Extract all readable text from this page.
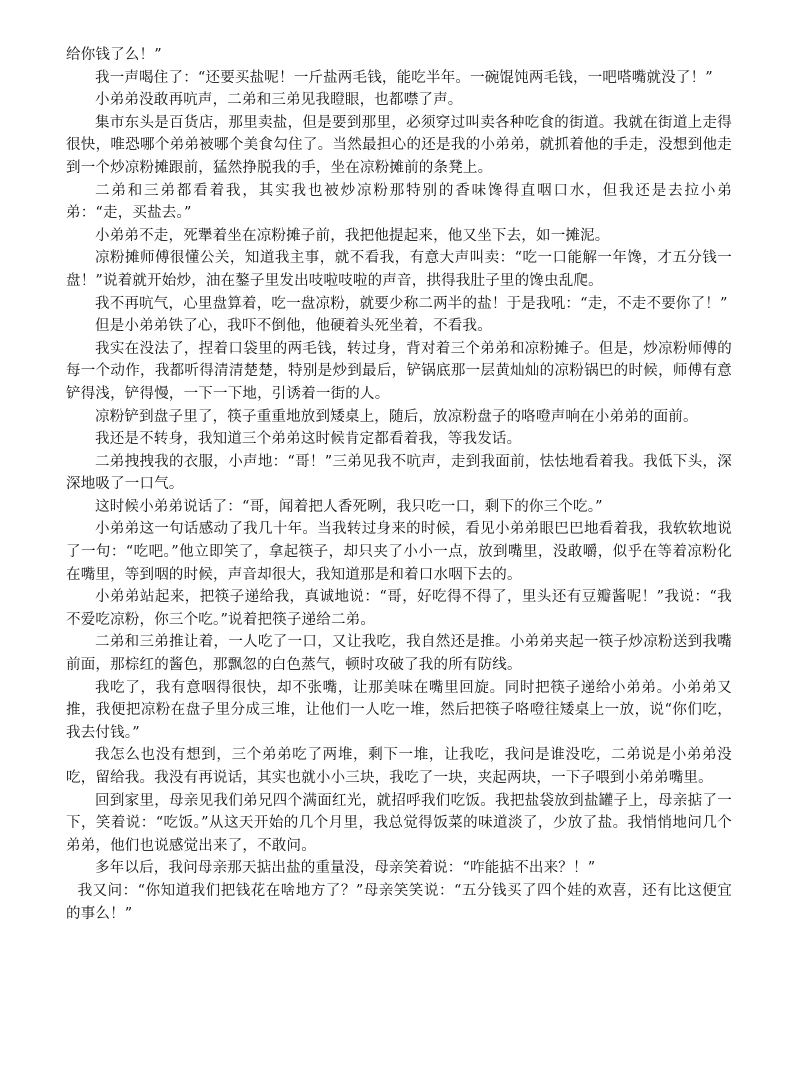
给你钱了么！”

我一声喝住了：“还要买盐呢！一斤盐两毛钱，能吃半年。一碗馄饨两毛钱，一吧嗒嘴就没了！”

小弟弟没敢再吭声，二弟和三弟见我瞪眼，也都噤了声。

集市东头是百货店，那里卖盐，但是要到那里，必须穿过叫卖各种吃食的街道。我就在街道上走得很快，唯恐哪个弟弟被哪个美食勾住了。当然最担心的还是我的小弟弟，就抓着他的手走，没想到他走到一个炒凉粉摊跟前，猛然挣脱我的手，坐在凉粉摊前的条凳上。

二弟和三弟都看着我，其实我也被炒凉粉那特别的香味馋得直咽口水，但我还是去拉小弟弟：“走，买盐去。”

小弟弟不走，死犟着坐在凉粉摊子前，我把他提起来，他又坐下去，如一摊泥。

凉粉摊师傅很懂公关，知道我主事，就不看我，有意大声叫卖：“吃一口能解一年馋，才五分钱一盘！”说着就开始炒，油在鏊子里发出吱啦吱啦的声音，拱得我肚子里的馋虫乱爬。

我不再吭气，心里盘算着，吃一盘凉粉，就要少称二两半的盐！于是我吼：“走，不走不要你了！”

但是小弟弟铁了心，我吓不倒他，他硬着头死坐着，不看我。

我实在没法了，捏着口袋里的两毛钱，转过身，背对着三个弟弟和凉粉摊子。但是，炒凉粉师傅的每一个动作，我都听得清清楚楚，特别是炒到最后，铲锅底那一层黄灿灿的凉粉锅巴的时候，师傅有意铲得浅，铲得慢，一下一下地，引诱着一街的人。

凉粉铲到盘子里了，筷子重重地放到矮桌上，随后，放凉粉盘子的咯噔声响在小弟弟的面前。

我还是不转身，我知道三个弟弟这时候肯定都看着我，等我发话。

二弟拽拽我的衣服，小声地：“哥！”三弟见我不吭声，走到我面前，怯怯地看着我。我低下头，深深地吸了一口气。

这时候小弟弟说话了：“哥，闻着把人香死咧，我只吃一口，剩下的你三个吃。”

小弟弟这一句话感动了我几十年。当我转过身来的时候，看见小弟弟眼巴巴地看着我，我软软地说了一句：“吃吧。”他立即笑了，拿起筷子，却只夹了小小一点，放到嘴里，没敢嚼，似乎在等着凉粉化在嘴里，等到咽的时候，声音却很大，我知道那是和着口水咽下去的。

小弟弟站起来，把筷子递给我，真诚地说：“哥，好吃得不得了，里头还有豆瓣酱呢！”我说：“我不爱吃凉粉，你三个吃。”说着把筷子递给二弟。

二弟和三弟推让着，一人吃了一口，又让我吃，我自然还是推。小弟弟夹起一筷子炒凉粉送到我嘴前面，那棕红的酱色，那飘忽的白色蒸气，顿时攻破了我的所有防线。

我吃了，我有意咽得很快，却不张嘴，让那美味在嘴里回旋。同时把筷子递给小弟弟。小弟弟又推，我便把凉粉在盘子里分成三堆，让他们一人吃一堆，然后把筷子咯噔往矮桌上一放，说“你们吃，我去付钱。”

我怎么也没有想到，三个弟弟吃了两堆，剩下一堆，让我吃，我问是谁没吃，二弟说是小弟弟没吃，留给我。我没有再说话，其实也就小小三块，我吃了一块，夹起两块，一下子喂到小弟弟嘴里。

回到家里，母亲见我们弟兄四个满面红光，就招呼我们吃饭。我把盐袋放到盐罐子上，母亲掂了一下，笑着说：“吃饭。”从这天开始的几个月里，我总觉得饭菜的味道淡了，少放了盐。我悄悄地问几个弟弟，他们也说感觉出来了，不敢问。

多年以后，我问母亲那天掂出盐的重量没，母亲笑着说：“咋能掂不出来？！”

我又问：“你知道我们把钱花在啥地方了？”母亲笑笑说：“五分钱买了四个娃的欢喜，还有比这便宜的事么！”
